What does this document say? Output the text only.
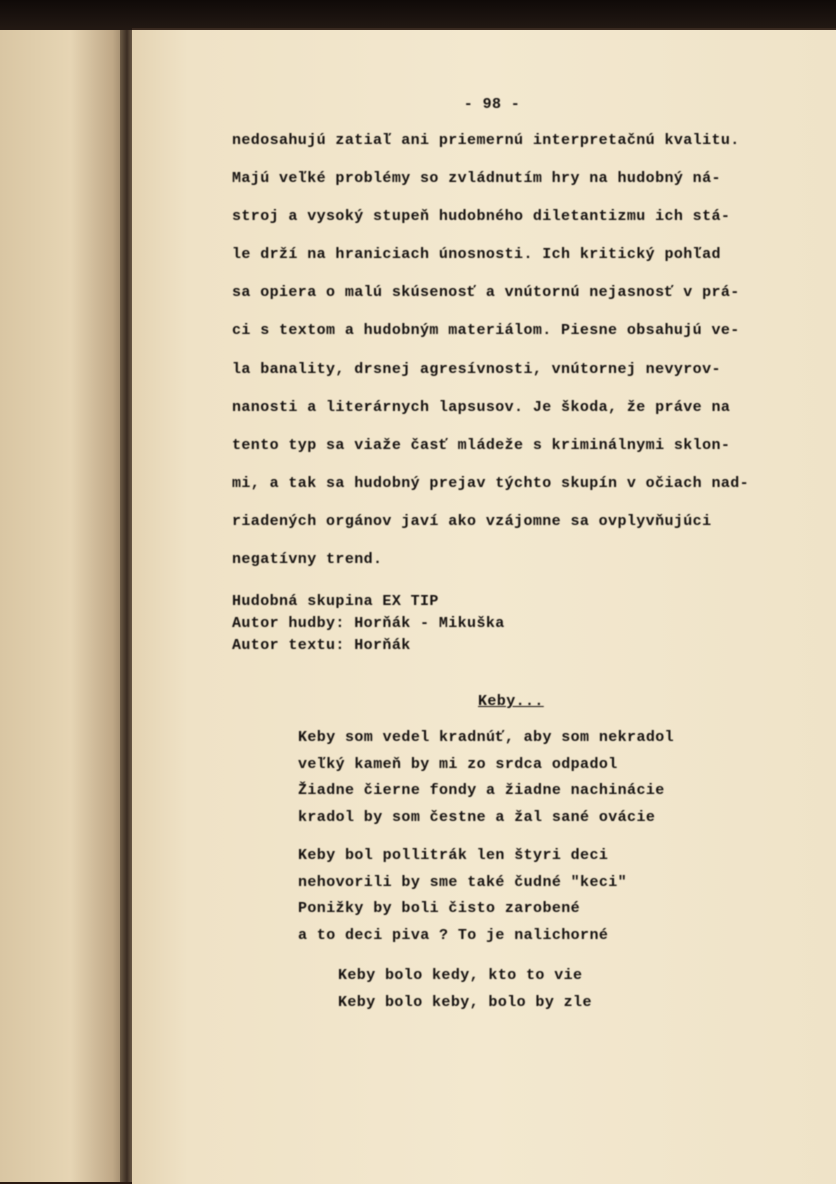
- 98 -
nedosahujú zatiaľ ani priemernú interpretačnú kvalitu.
Majú veľké problémy so zvládnutím hry na hudobný ná-
stroj a vysoký stupeň hudobného diletantizmu ich stá-
le drží na hraniciach únosnosti. Ich kritický pohľad
sa opiera o malú skúsenosť a vnútornú nejasnosť v prá-
ci s textom a hudobným materiálom. Piesne obsahujú ve-
la banality, drsnej agresívnosti, vnútornej nevyrov-
nanosti a literárnych lapsusov. Je škoda, že práve na
tento typ sa viaže časť mládeže s kriminálnymi sklon-
mi, a tak sa hudobný prejav týchto skupín v očiach nad-
riadených orgánov javí ako vzájomne sa ovplyvňujúci
negatívny trend.
Hudobná skupina EX TIP
Autor hudby: Horňák - Mikuška
Autor textu: Horňák
Keby...
Keby som vedel kradnúť, aby som nekradol
veľký kameň by mi zo srdca odpadol
Žiadne čierne fondy a žiadne nachinácie
kradol by som čestne a žal sané ovácie
Keby bol pollitrák len štyri deci
nehovorili by sme také čudné "keci"
Ponižky by boli čisto zarobené
a to deci piva ? To je nalichorné
Keby bolo kedy, kto to vie
Keby bolo keby, bolo by zle
